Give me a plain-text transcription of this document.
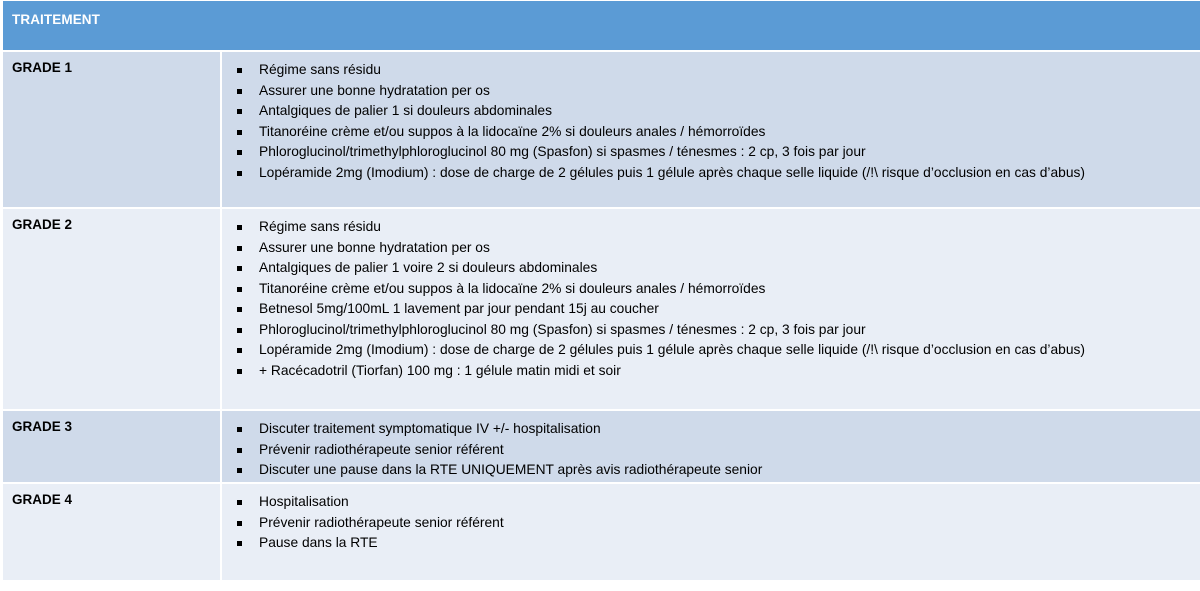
TRAITEMENT
GRADE 1	Régime sans résidu
Assurer une bonne hydratation per os
Antalgiques de palier 1 si douleurs abdominales
Titanoréine crème et/ou suppos à la lidocaïne 2% si douleurs anales / hémorroïdes
Phloroglucinol/trimethylphloroglucinol 80 mg (Spasfon) si spasmes / ténesmes : 2 cp, 3 fois par jour
Lopéramide 2mg (Imodium) : dose de charge de 2 gélules puis 1 gélule après chaque selle liquide (/!\ risque d’occlusion en cas d’abus)
GRADE 2	Régime sans résidu
Assurer une bonne hydratation per os
Antalgiques de palier 1 voire 2 si douleurs abdominales
Titanoréine crème et/ou suppos à la lidocaïne 2% si douleurs anales / hémorroïdes
Betnesol 5mg/100mL 1 lavement par jour pendant 15j au coucher
Phloroglucinol/trimethylphloroglucinol 80 mg (Spasfon) si spasmes / ténesmes : 2 cp, 3 fois par jour
Lopéramide 2mg (Imodium) : dose de charge de 2 gélules puis 1 gélule après chaque selle liquide (/!\ risque d’occlusion en cas d’abus)
+ Racécadotril (Tiorfan) 100 mg : 1 gélule matin midi et soir
GRADE 3	Discuter traitement symptomatique IV +/- hospitalisation
Prévenir radiothérapeute senior référent
Discuter une pause dans la RTE UNIQUEMENT après avis radiothérapeute senior
GRADE 4	Hospitalisation
Prévenir radiothérapeute senior référent
Pause dans la RTE
